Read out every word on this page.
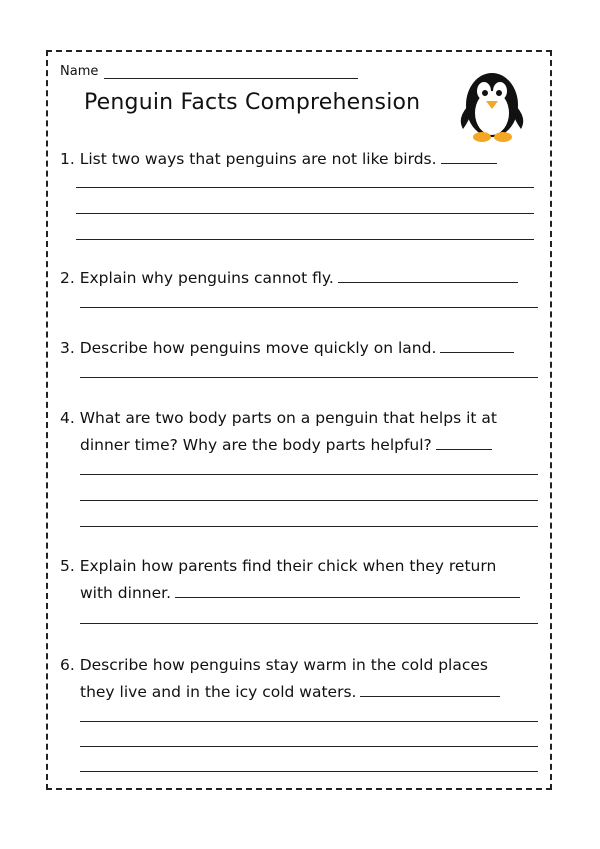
Name
Penguin Facts Comprehension
1. List two ways that penguins are not like birds.
2. Explain why penguins cannot fly.
3. Describe how penguins move quickly on land.
4. What are two body parts on a penguin that helps it at
dinner time? Why are the body parts helpful?
5. Explain how parents find their chick when they return
with dinner.
6. Describe how penguins stay warm in the cold places
they live and in the icy cold waters.
